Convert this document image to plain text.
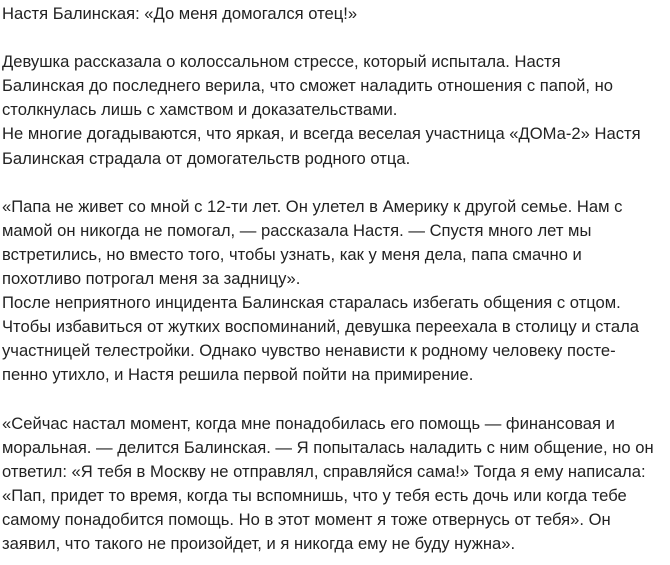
Настя Балинская: «До меня домогался отец!»
Девушка рассказала о колоссальном стрессе, который испытала. Настя
Балинская до последнего верила, что сможет наладить отношения с папой, но
столкнулась лишь с хамством и доказательствами.
Не многие догадываются, что яркая, и всегда веселая участница «ДОМа-2» Настя
Балинская страдала от домогательств родного отца.
«Папа не живет со мной с 12-ти лет. Он улетел в Америку к другой семье. Нам с
мамой он никогда не помогал, — рассказала Настя. — Спустя много лет мы
встретились, но вместо того, чтобы узнать, как у меня дела, папа смачно и
похотливо потрогал меня за задницу».
После неприятного инцидента Балинская старалась избегать общения с отцом.
Чтобы избавиться от жутких воспоминаний, девушка переехала в столицу и стала
участницей телестройки. Однако чувство ненависти к родному человеку посте-
пенно утихло, и Настя решила первой пойти на примирение.
«Сейчас настал момент, когда мне понадобилась его помощь — финансовая и
моральная. — делится Балинская. — Я попыталась наладить с ним общение, но он
ответил: «Я тебя в Москву не отправлял, справляйся сама!» Тогда я ему написала:
«Пап, придет то время, когда ты вспомнишь, что у тебя есть дочь или когда тебе
самому понадобится помощь. Но в этот момент я тоже отвернусь от тебя». Он
заявил, что такого не произойдет, и я никогда ему не буду нужна».
